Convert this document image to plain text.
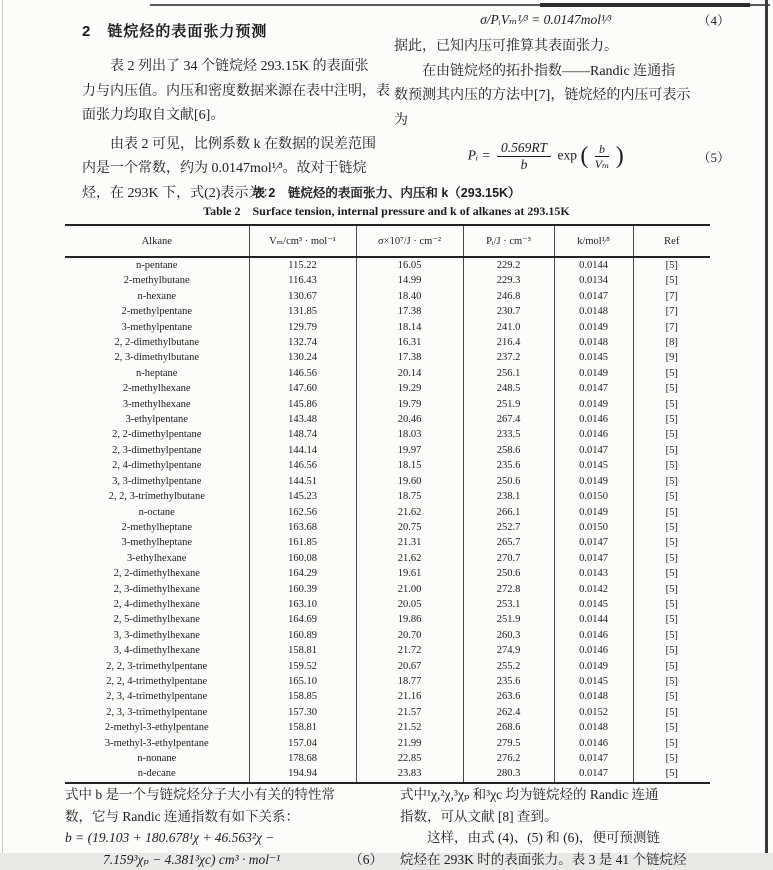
2　链烷烃的表面张力预测
　　表 2 列出了 34 个链烷烃 293.15K 的表面张
力与内压值。内压和密度数据来源在表中注明，表
面张力均取自文献[6]。
　　由表 2 可见，比例系数 k 在数据的误差范围
内是一个常数，约为 0.0147mol¹⁄³。故对于链烷
烃，在 293K 下，式(2)表示为：
σ/PᵢVₘ¹⁄³ = 0.0147mol¹⁄³	（4）
据此，已知内压可推算其表面张力。
　　在由链烷烃的拓扑指数——Randic 连通指
数预测其内压的方法中[7]，链烷烃的内压可表示
为
Pᵢ = $\frac{0.569RT}{b}$ exp ( $\frac{b}{\text{Vₘ}}$ )	（5）
表 2　链烷烃的表面张力、内压和 k（293.15K）
Table 2　Surface tension, internal pressure and k of alkanes at 293.15K
Alkane	Vₘ/cm³ · mol⁻¹	σ×10⁷/J · cm⁻²	Pᵢ/J · cm⁻³	k/mol¹⁄³	Ref
n-pentane	115.22	16.05	229.2	0.0144	[5]
2-methylbutane	116.43	14.99	229.3	0.0134	[5]
n-hexane	130.67	18.40	246.8	0.0147	[7]
2-methylpentane	131.85	17.38	230.7	0.0148	[7]
3-methylpentane	129.79	18.14	241.0	0.0149	[7]
2, 2-dimethylbutane	132.74	16.31	216.4	0.0148	[8]
2, 3-dimethylbutane	130.24	17.38	237.2	0.0145	[9]
n-heptane	146.56	20.14	256.1	0.0149	[5]
2-methylhexane	147.60	19.29	248.5	0.0147	[5]
3-methylhexane	145.86	19.79	251.9	0.0149	[5]
3-ethylpentane	143.48	20.46	267.4	0.0146	[5]
2, 2-dimethylpentane	148.74	18.03	233.5	0.0146	[5]
2, 3-dimethylpentane	144.14	19.97	258.6	0.0147	[5]
2, 4-dimethylpentane	146.56	18.15	235.6	0.0145	[5]
3, 3-dimethylpentane	144.51	19.60	250.6	0.0149	[5]
2, 2, 3-trimethylbutane	145.23	18.75	238.1	0.0150	[5]
n-octane	162.56	21.62	266.1	0.0149	[5]
2-methylheptane	163.68	20.75	252.7	0.0150	[5]
3-methylheptane	161.85	21.31	265.7	0.0147	[5]
3-ethylhexane	160.08	21.62	270.7	0.0147	[5]
2, 2-dimethylhexane	164.29	19.61	250.6	0.0143	[5]
2, 3-dimethylhexane	160.39	21.00	272.8	0.0142	[5]
2, 4-dimethylhexane	163.10	20.05	253.1	0.0145	[5]
2, 5-dimethylhexane	164.69	19.86	251.9	0.0144	[5]
3, 3-dimethylhexane	160.89	20.70	260.3	0.0146	[5]
3, 4-dimethylhexane	158.81	21.72	274.9	0.0146	[5]
2, 2, 3-trimethylpentane	159.52	20.67	255.2	0.0149	[5]
2, 2, 4-trimethylpentane	165.10	18.77	235.6	0.0145	[5]
2, 3, 4-trimethylpentane	158.85	21.16	263.6	0.0148	[5]
2, 3, 3-trimethylpentane	157.30	21.57	262.4	0.0152	[5]
2-methyl-3-ethylpentane	158.81	21.52	268.6	0.0148	[5]
3-methyl-3-ethylpentane	157.04	21.99	279.5	0.0146	[5]
n-nonane	178.68	22.85	276.2	0.0147	[5]
n-decane	194.94	23.83	280.3	0.0147	[5]
式中 b 是一个与链烷烃分子大小有关的特性常
数，它与 Randic 连通指数有如下关系：
b = (19.103 + 180.678¹χ + 46.563²χ −
7.159³χₚ − 4.381³χc) cm³ · mol⁻¹	（6）
式中¹χ,²χ,³χₚ 和³χc 均为链烷烃的 Randic 连通
指数，可从文献 [8] 查到。
　　这样，由式 (4)、(5) 和 (6)，便可预测链
烷烃在 293K 时的表面张力。表 3 是 41 个链烷烃
